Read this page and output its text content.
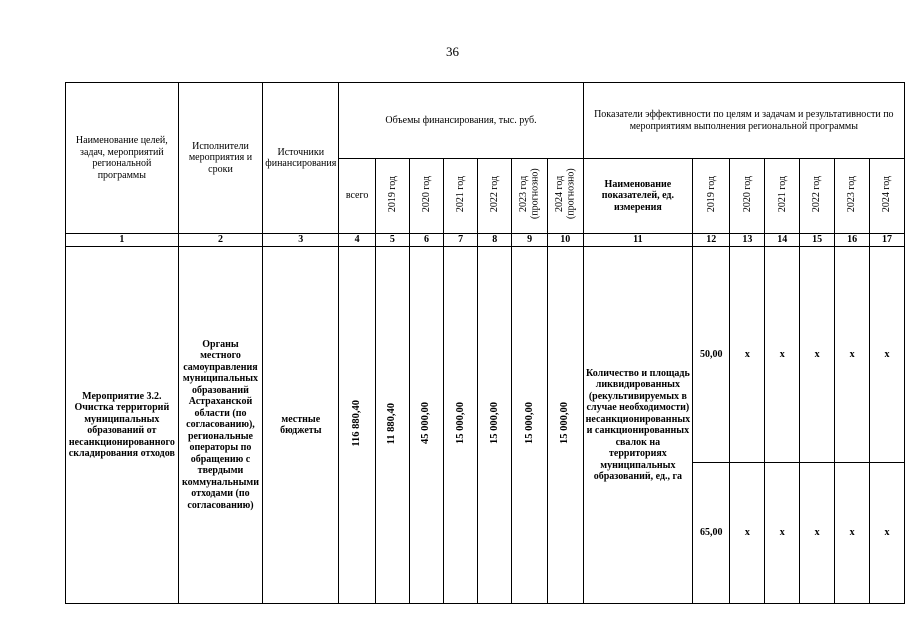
36
Наименование целей, задач, мероприятий региональной программы	Исполнители мероприятия и сроки	Источники финансирования	Объемы финансирования, тыс. руб.							Показатели эффективности по целям и задачам и результативности по мероприятиям выполнения региональной программы						
			всего	2019 год	2020 год	2021 год	2022 год	2023 год (прогнозно)	2024 год (прогнозно)	Наименование показателей, ед. измерения	2019 год	2020 год	2021 год	2022 год	2023 год	2024 год
1	2	3	4	5	6	7	8	9	10	11	12	13	14	15	16	17
Мероприятие 3.2. Очистка территорий муниципальных образований от несанкционированного складирования отходов	Органы местного самоуправления муниципальных образований Астраханской области (по согласованию), региональные операторы по обращению с твердыми коммунальными отходами (по согласованию)	местные бюджеты	116 880,40	11 880,40	45 000,00	15 000,00	15 000,00	15 000,00	15 000,00	Количество и площадь ликвидированных (рекультивируемых в случае необходимости) несанкционированных и санкционированных свалок на территориях муниципальных образований, ед., га	50,00	х	х	х	х	х
											65,00	х	х	х	х	х
